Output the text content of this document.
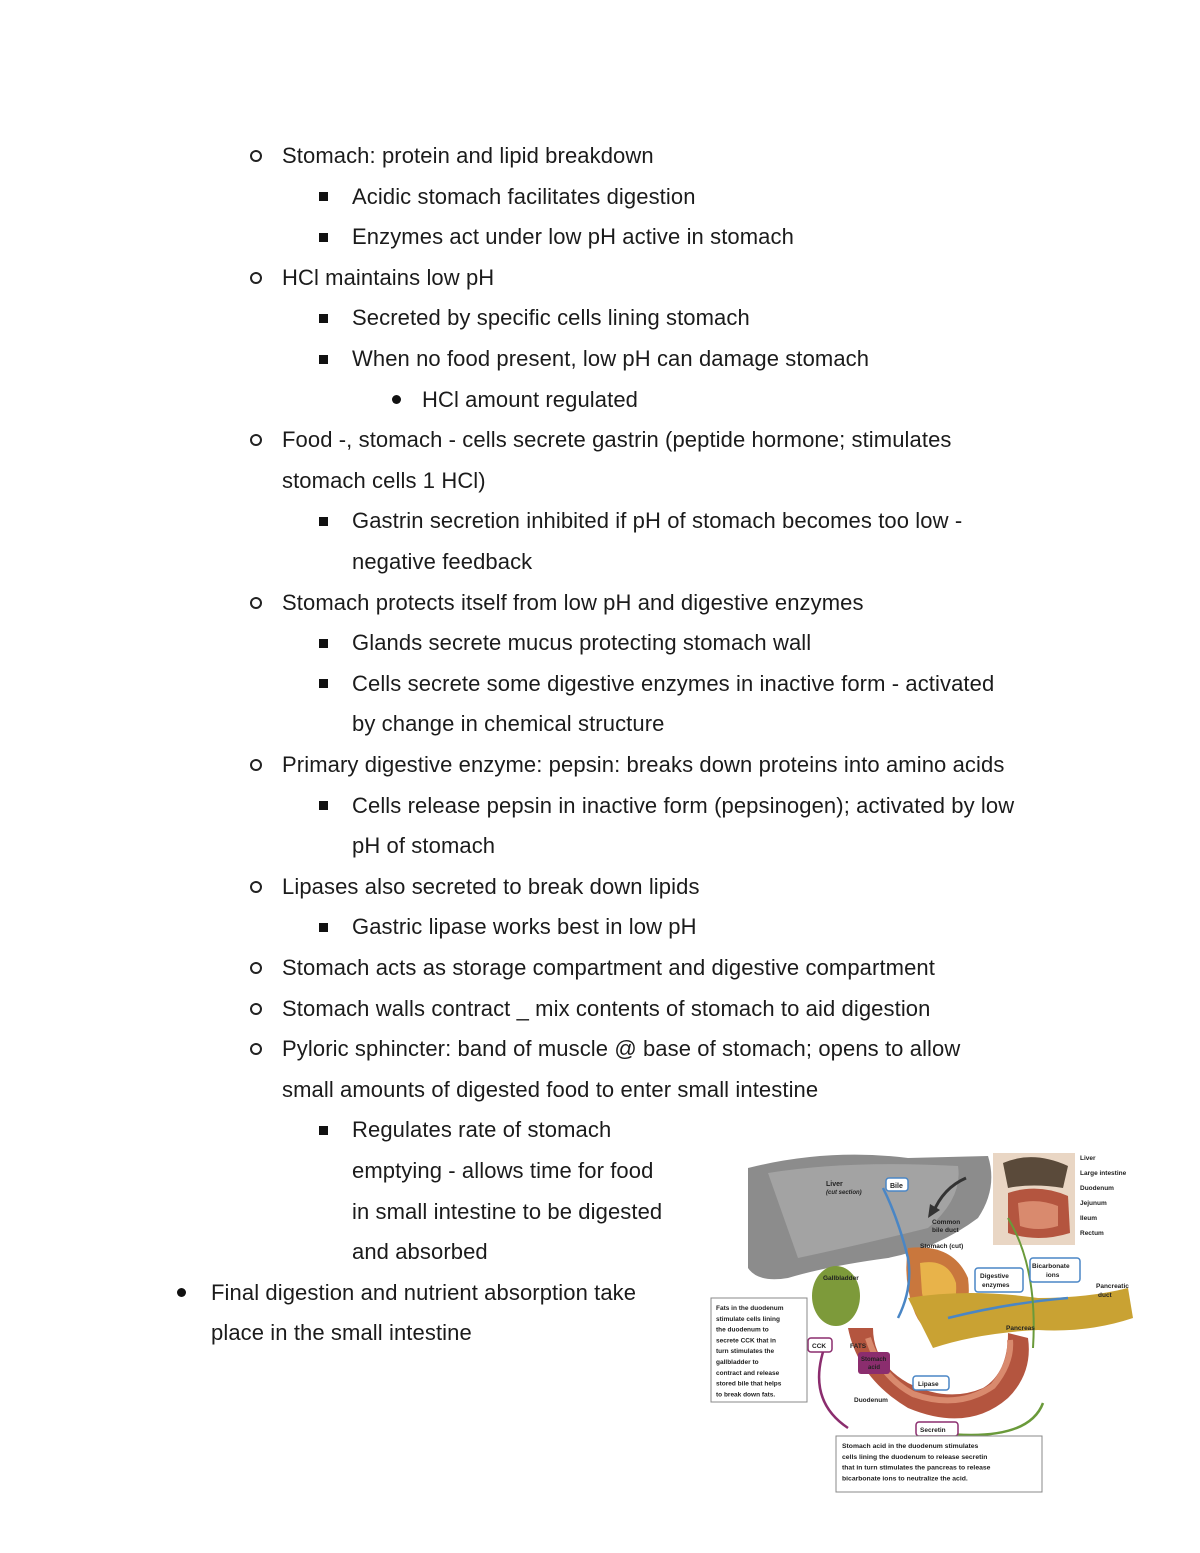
Stomach: protein and lipid breakdown
Acidic stomach facilitates digestion
Enzymes act under low pH active in stomach
HCl maintains low pH
Secreted by specific cells lining stomach
When no food present, low pH can damage stomach
HCl amount regulated
Food -, stomach - cells secrete gastrin (peptide hormone; stimulates
stomach cells 1 HCl)
Gastrin secretion inhibited if pH of stomach becomes too low -
negative feedback
Stomach protects itself from low pH and digestive enzymes
Glands secrete mucus protecting stomach wall
Cells secrete some digestive enzymes in inactive form - activated
by change in chemical structure
Primary digestive enzyme: pepsin: breaks down proteins into amino acids
Cells release pepsin in inactive form (pepsinogen); activated by low
pH of stomach
Lipases also secreted to break down lipids
Gastric lipase works best in low pH
Stomach acts as storage compartment and digestive compartment
Stomach walls contract _ mix contents of stomach to aid digestion
Pyloric sphincter: band of muscle @ base of stomach; opens to allow
small amounts of digested food to enter small intestine
Regulates rate of stomach
emptying - allows time for food
in small intestine to be digested
and absorbed
Final digestion and nutrient absorption take
place in the small intestine
Liver
(cut section)
Bile
Common
bile duct
Stomach (cut)
Gallbladder	Digestive
enzymes
Bicarbonate
ions
Pancreatic
duct
Pancreas
CCK	FATS
Stomach
acid
Lipase
Duodenum
Secretin
Liver
Large intestine
Duodenum
Jejunum
Ileum
Rectum
Fats in the duodenum
stimulate cells lining
the duodenum to
secrete CCK that in
turn stimulates the
gallbladder to
contract and release
stored bile that helps
to break down fats.
Stomach acid in the duodenum stimulates
cells lining the duodenum to release secretin
that in turn stimulates the pancreas to release
bicarbonate ions to neutralize the acid.
